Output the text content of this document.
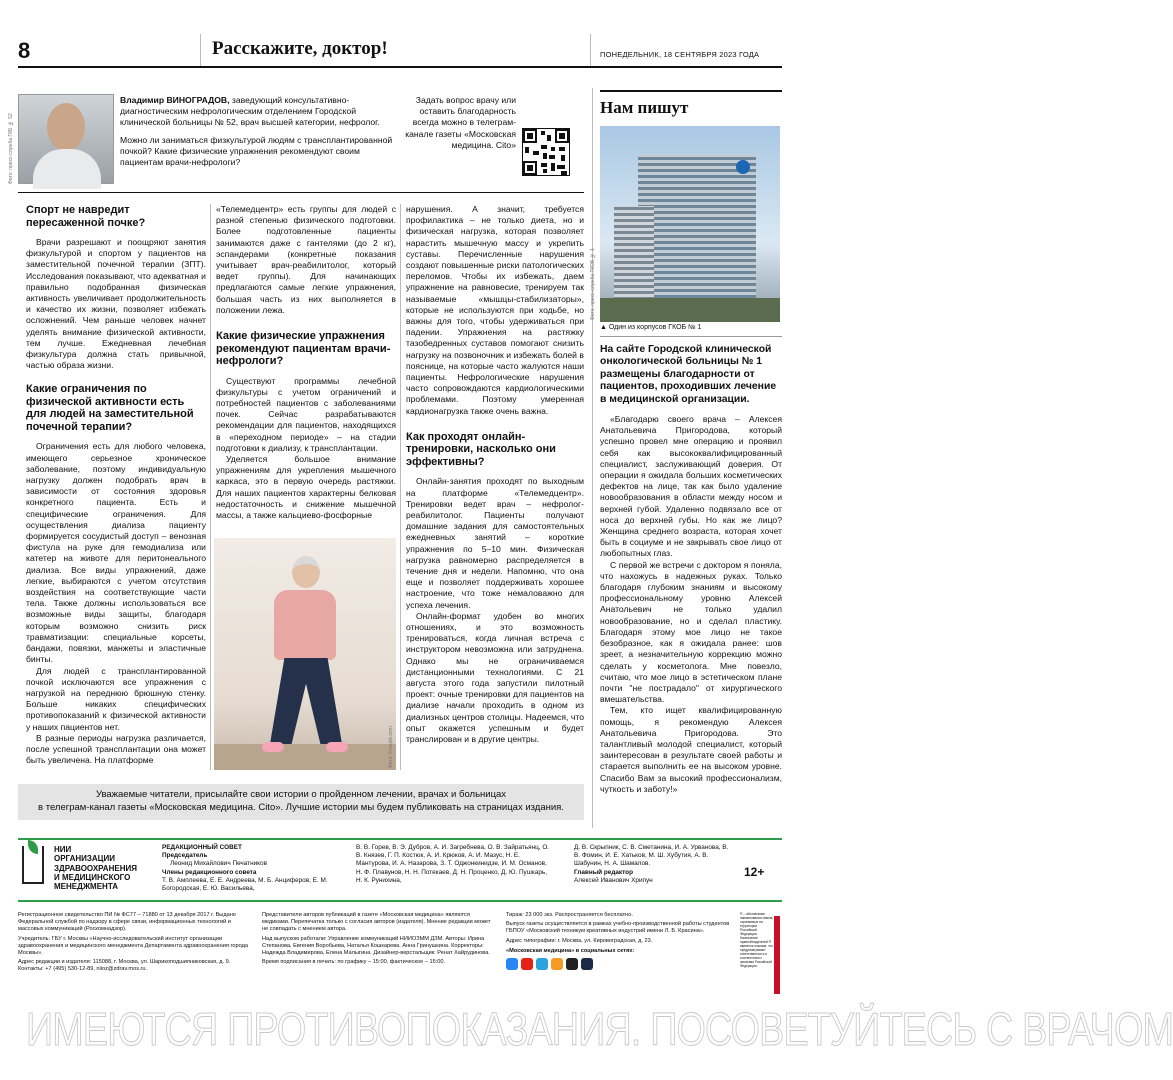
8	Расскажите, доктор!	ПОНЕДЕЛЬНИК, 18 СЕНТЯБРЯ 2023 ГОДА
Фото: пресс-служба ГКБ № 52
Владимир ВИНОГРАДОВ, заведующий консультативно-диагностическим нефрологическим отделением Городской клинической больницы № 52, врач высшей категории, нефролог.
Можно ли заниматься физкультурой людям с трансплантированной почкой? Какие физические упражнения рекомендуют своим пациентам врачи-нефрологи?
Задать вопрос врачу или оставить благодарность всегда можно в телеграм-канале газеты «Московская медицина. Cito»
Спорт не навредит пересаженной почке?

Врачи разрешают и поощряют занятия физкультурой и спортом у пациентов на заместительной почечной терапии (ЗПТ). Исследования показывают, что адекватная и правильно подобранная физическая активность увеличивает продолжительность и качество их жизни, позволяет избежать осложнений. Чем раньше человек начнет уделять внимание физической активности, тем лучше. Ежедневная лечебная физкультура должна стать привычной, частью образа жизни.

Какие ограничения по физической активности есть для людей на заместительной почечной терапии?

Ограничения есть для любого человека, имеющего серьезное хроническое заболевание, поэтому индивидуальную нагрузку должен подобрать врач в зависимости от состояния здоровья конкретного пациента. Есть и специфические ограничения. Для осуществления диализа пациенту формируется сосудистый доступ – венозная фистула на руке для гемодиализа или катетер на животе для перитонеального диализа. Все виды упражнений, даже легкие, выбираются с учетом отсутствия воздействия на соответствующие части тела. Также должны использоваться все возможные виды защиты, благодаря которым возможно снизить риск травматизации: специальные корсеты, бандажи, повязки, манжеты и эластичные бинты.

Для людей с трансплантированной почкой исключаются все упражнения с нагрузкой на переднюю брюшную стенку. Больше никаких специфических противопоказаний к физической активности у наших пациентов нет.

В разные периоды нагрузка различается, после успешной трансплантации она может быть увеличена. На платформе

«Телемедцентр» есть группы для людей с разной степенью физического подготовки. Более подготовленные пациенты занимаются даже с гантелями (до 2 кг), эспандерами (конкретные показания учитывает врач-реабилитолог, который ведет группы). Для начинающих предлагаются самые легкие упражнения, большая часть из них выполняется в положении лежа.

Какие физические упражнения рекомендуют пациентам врачи-нефрологи?

Существуют программы лечебной физкультуры с учетом ограничений и потребностей пациентов с заболеваниями почек. Сейчас разрабатываются рекомендации для пациентов, находящихся в «переходном периоде» – на стадии подготовки к диализу, к трансплантации.

Уделяется большое внимание упражнениям для укрепления мышечного каркаса, это в первую очередь растяжки. Для наших пациентов характерны белковая недостаточность и снижение мышечной массы, а также кальциево-фосфорные

Фото: Freepik.com

нарушения. А значит, требуется профилактика – не только диета, но и физическая нагрузка, которая позволяет нарастить мышечную массу и укрепить суставы. Перечисленные нарушения создают повышенные риски патологических переломов. Чтобы их избежать, даем упражнение на равновесие, тренируем так называемые «мышцы-стабилизаторы», которые не используются при ходьбе, но важны для того, чтобы удерживаться при падении. Упражнения на растяжку тазобедренных суставов помогают снизить нагрузку на позвоночник и избежать болей в пояснице, на которые часто жалуются наши пациенты. Нефрологические нарушения часто сопровождаются кардиологическими проблемами. Поэтому умеренная кардионагрузка также очень важна.

Как проходят онлайн-тренировки, насколько они эффективны?

Онлайн-занятия проходят по выходным на платформе «Телемедцентр». Тренировки ведет врач – нефролог-реабилитолог. Пациенты получают домашние задания для самостоятельных ежедневных занятий – короткие упражнения по 5–10 мин. Физическая нагрузка равномерно распределяется в течение дня и недели. Напомню, что она еще и позволяет поддерживать хорошее настроение, что тоже немаловажно для успеха лечения.

Онлайн-формат удобен во многих отношениях, и это возможность тренироваться, когда личная встреча с инструктором невозможна или затруднена. Однако мы не ограничиваемся дистанционными технологиями. С 21 августа этого года запустили пилотный проект: очные тренировки для пациентов на диализе начали проходить в одном из диализных центров столицы. Надеемся, что опыт окажется успешным и будет транслирован и в другие центры.

Нам пишут
Фото: пресс-служба ГКОБ № 1
▲ Один из корпусов ГКОБ № 1
На сайте Городской клинической онкологической больницы № 1 размещены благодарности от пациентов, проходивших лечение в медицинской организации.

«Благодарю своего врача – Алексея Анатольевича Пригородова, который успешно провел мне операцию и проявил себя как высококвалифицированный специалист, заслуживающий доверия. От операции я ожидала больших косметических дефектов на лице, так как было удаление новообразования в области между носом и верхней губой. Удаленно подвязало все от носа до верхней губы. Но как же лицо? Женщина среднего возраста, которая хочет быть в социуме и не закрывать свое лицо от любопытных глаз.

С первой же встречи с доктором я поняла, что нахожусь в надежных руках. Только благодаря глубоким знаниям и высокому профессиональному уровню Алексей Анатольевич не только удалил новообразование, но и сделал пластику. Благодаря этому мое лицо не такое безобразное, как я ожидала ранее: шов зреет, а незначительную коррекцию можно сделать у косметолога. Мне повезло, считаю, что мое лицо в эстетическом плане почти "не пострадало" от хирургического вмешательства.

Тем, кто ищет квалифицированную помощь, я рекомендую Алексея Анатольевича Пригородова. Это талантливый молодой специалист, который заинтересован в результате своей работы и старается выполнить ее на высоком уровне. Спасибо Вам за высокий профессионализм, чуткость и заботу!»

Уважаемые читатели, присылайте свои истории о пройденном лечении, врачах и больницах
в телеграм-канал газеты «Московская медицина. Cito». Лучшие истории мы будем публиковать на страницах издания.
НИИ
ОРГАНИЗАЦИИ
ЗДРАВООХРАНЕНИЯ
И МЕДИЦИНСКОГО
МЕНЕДЖМЕНТА
РЕДАКЦИОННЫЙ СОВЕТ
Председатель
Леонид Михайлович Печатников
Члены редакционного совета
Т. В. Амплеева, Е. Е. Андреева, М. Б. Анциферов, Е. М. Богородская, Е. Ю. Васильева,
В. В. Горев, В. Э. Дубров, А. И. Загребнева, О. В. Зайратьянц, О. В. Князев, Г. П. Костюк, А. И. Крюков, А. И. Мазус, Н. Е. Мантурова, И. А. Назарова, З. Т. Оджонкинидзе, И. М. Османов, Н. Ф. Плавунов, Н. Н. Потекаев, Д. Н. Проценко, Д. Ю. Пушкарь, Н. К. Рунихина,
Д. В. Скрыпник, С. В. Сметанина, И. А. Урванова, В. В. Фомин, И. Е. Хатьков, М. Ш. Хубутия, А. В. Шабунин, Н. А. Шамалов.
Главный редактор
Алексей Иванович Хрипун
12+
Регистрационное свидетельство ПИ № ФС77 – 71880 от 13 декабря 2017 г. Выдано Федеральной службой по надзору в сфере связи, информационных технологий и массовых коммуникаций (Роскомнадзор).
Учредитель: ГБУ г. Москвы «Научно-исследовательский институт организации здравоохранения и медицинского менеджмента Департамента здравоохранения города Москвы».
Адрес редакции и издателя: 115088, г. Москва, ул. Шарикоподшипниковская, д. 9. Контакты: +7 (495) 530-12-89, niioz@zdrav.mos.ru.
Представители авторов публикаций в газете «Московская медицина» являются медиками. Перепечатка только с согласия авторов (издателя). Мнение редакции может не совпадать с мнением автора.
Над выпуском работали: Управление коммуникаций НИИОЗММ ДЗМ. Авторы: Ирина Степанова, Евгения Воробьева, Наталья Кошкарева. Анна Гринушкина. Корректоры: Надежда Владимирова, Елена Малыгина. Дизайнер-верстальщик: Ренат Хайрудинова.
Время подписания в печать: по графику – 15:00, фактическое – 15:00.
Тираж: 23 000 экз. Распространяется бесплатно.
Выпуск газеты осуществляется в рамках учебно-производственной работы студентов ГБПОУ «Московский техникум креативных индустрий имени Л. Б. Красина».
Адрес типографии: г. Москва, ул. Кировоградская, д. 23.
«Московская медицина» в социальных сетях:
® – обозначение наименования знаков, охраняемых на территории Российской Федерации. Назначение правообладателей ® является ложным, что предусматривает ответственность в соответствии с законами Российской Федерации.
ИМЕЮТСЯ ПРОТИВОПОКАЗАНИЯ. ПОСОВЕТУЙТЕСЬ С ВРАЧОМ
